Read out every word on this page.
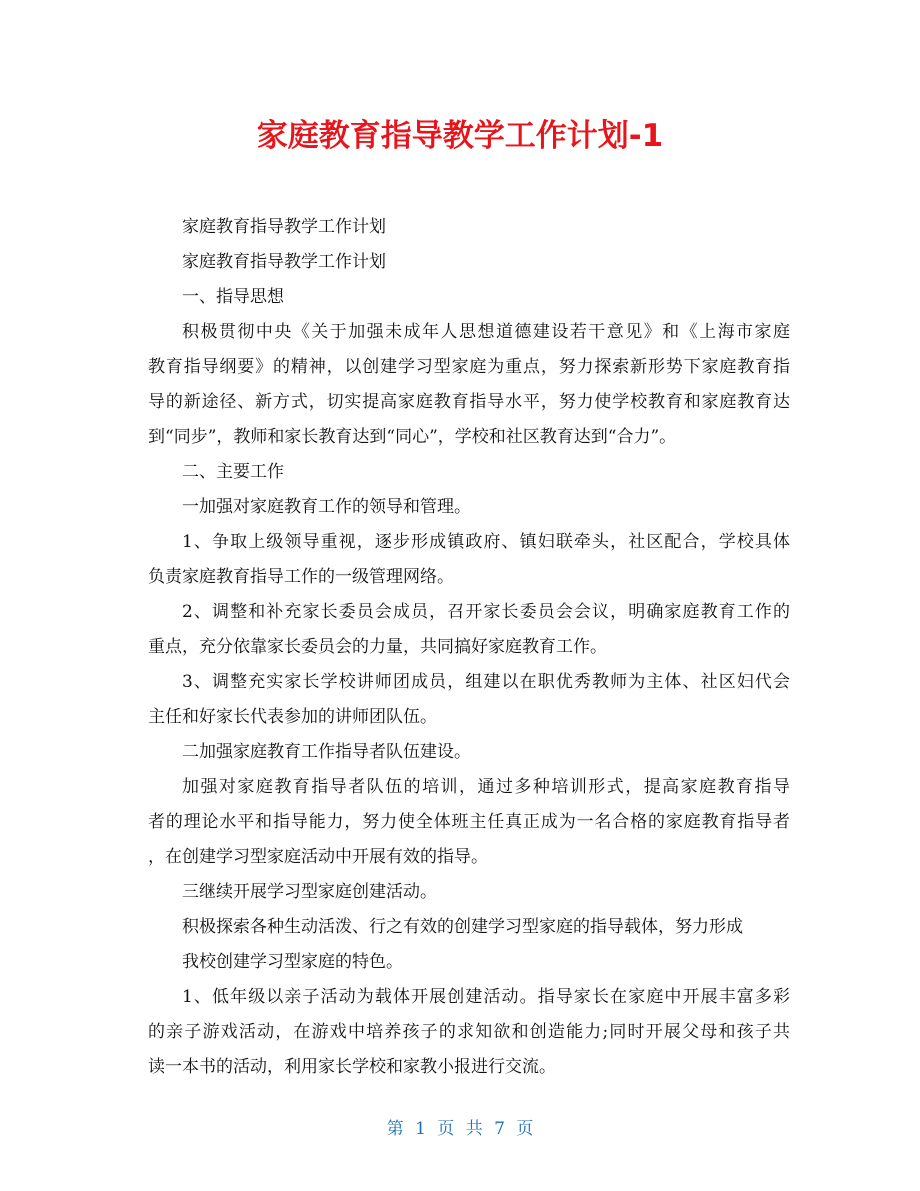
家庭教育指导教学工作计划-1
家庭教育指导教学工作计划
家庭教育指导教学工作计划
一、指导思想
积极贯彻中央《关于加强未成年人思想道德建设若干意见》和《上海市家庭
教育指导纲要》的精神，以创建学习型家庭为重点，努力探索新形势下家庭教育指
导的新途径、新方式，切实提高家庭教育指导水平，努力使学校教育和家庭教育达
到“同步”，教师和家长教育达到“同心”，学校和社区教育达到“合力”。
二、主要工作
一加强对家庭教育工作的领导和管理。
1、争取上级领导重视，逐步形成镇政府、镇妇联牵头，社区配合，学校具体
负责家庭教育指导工作的一级管理网络。
2、调整和补充家长委员会成员，召开家长委员会会议，明确家庭教育工作的
重点，充分依靠家长委员会的力量，共同搞好家庭教育工作。
3、调整充实家长学校讲师团成员，组建以在职优秀教师为主体、社区妇代会
主任和好家长代表参加的讲师团队伍。
二加强家庭教育工作指导者队伍建设。
加强对家庭教育指导者队伍的培训，通过多种培训形式，提高家庭教育指导
者的理论水平和指导能力，努力使全体班主任真正成为一名合格的家庭教育指导者
，在创建学习型家庭活动中开展有效的指导。
三继续开展学习型家庭创建活动。
积极探索各种生动活泼、行之有效的创建学习型家庭的指导载体，努力形成
我校创建学习型家庭的特色。
1、低年级以亲子活动为载体开展创建活动。指导家长在家庭中开展丰富多彩
的亲子游戏活动，在游戏中培养孩子的求知欲和创造能力;同时开展父母和孩子共
读一本书的活动，利用家长学校和家教小报进行交流。
第 1 页 共 7 页
